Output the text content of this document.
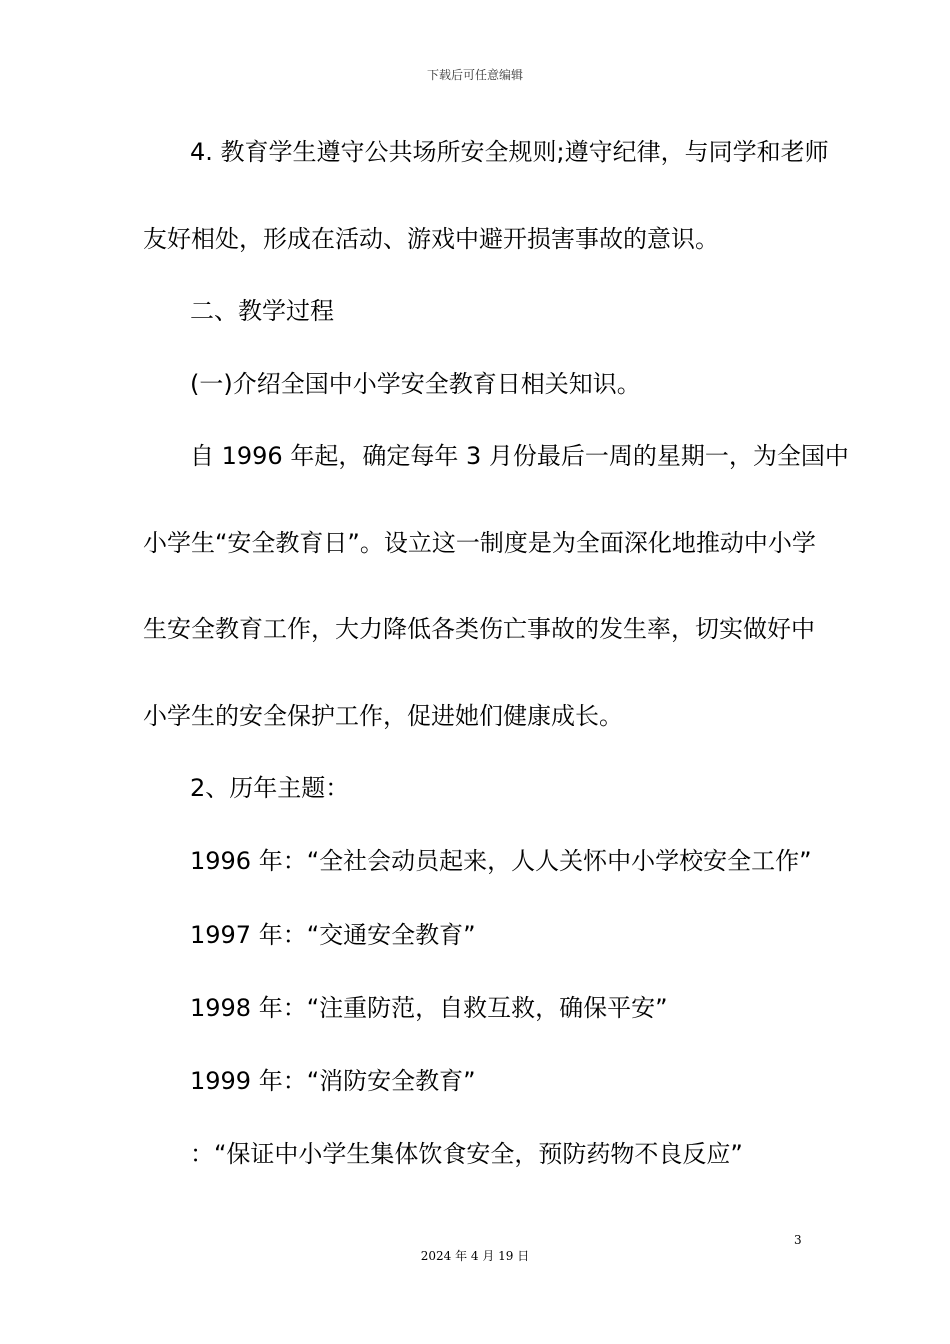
下载后可任意编辑
4. 教育学生遵守公共场所安全规则;遵守纪律，与同学和老师
友好相处，形成在活动、游戏中避开损害事故的意识。
二、教学过程
(一)介绍全国中小学安全教育日相关知识。
自 1996 年起，确定每年 3 月份最后一周的星期一，为全国中
小学生“安全教育日”。设立这一制度是为全面深化地推动中小学
生安全教育工作，大力降低各类伤亡事故的发生率，切实做好中
小学生的安全保护工作，促进她们健康成长。
2、历年主题：
1996 年：“全社会动员起来，人人关怀中小学校安全工作”
1997 年：“交通安全教育”
1998 年：“注重防范，自救互救，确保平安”
1999 年：“消防安全教育”
：“保证中小学生集体饮食安全，预防药物不良反应”
3
2024 年 4 月 19 日
